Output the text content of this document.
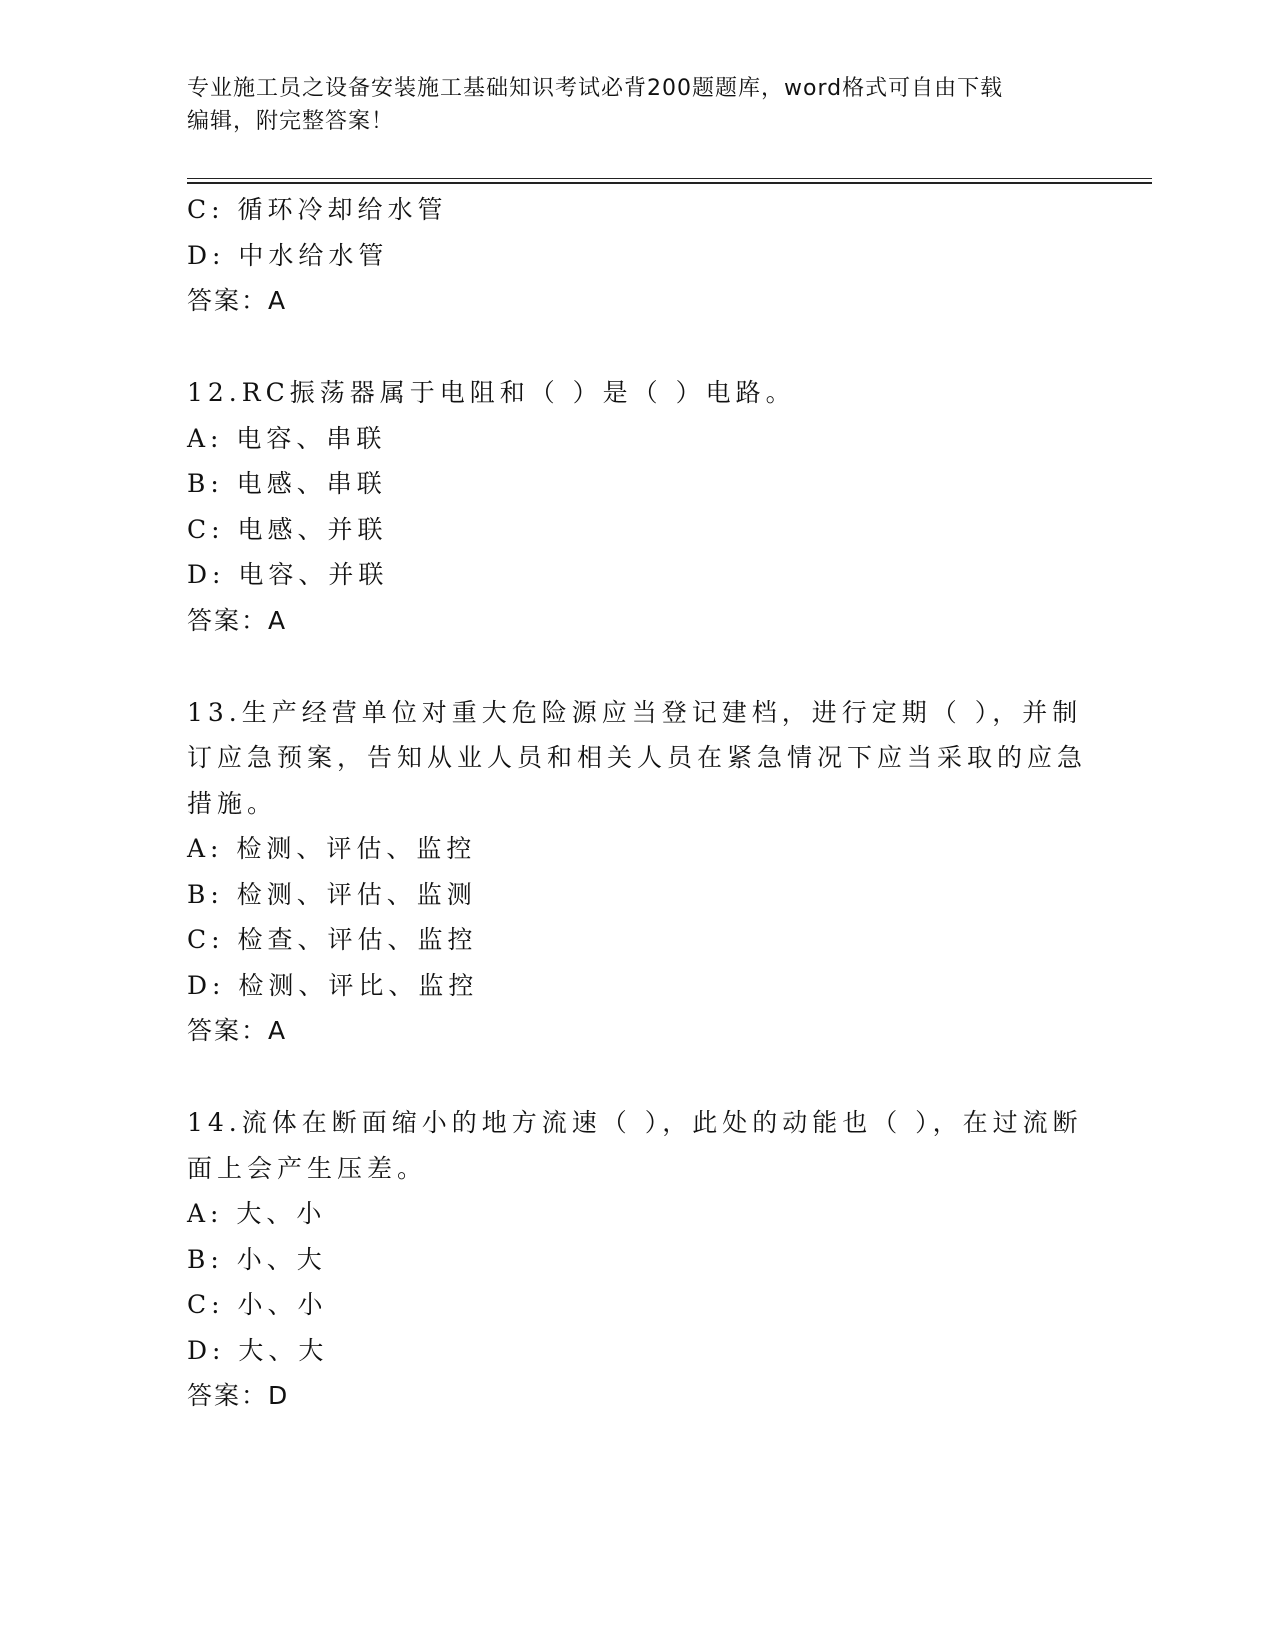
专业施工员之设备安装施工基础知识考试必背200题题库，word格式可自由下载
编辑，附完整答案！
C: 循环冷却给水管
D: 中水给水管
答案：A
12.RC振荡器属于电阻和（ ）是（ ）电路。
A: 电容、串联
B: 电感、串联
C: 电感、并联
D: 电容、并联
答案：A
13.生产经营单位对重大危险源应当登记建档，进行定期（ ），并制
订应急预案，告知从业人员和相关人员在紧急情况下应当采取的应急
措施。
A: 检测、评估、监控
B: 检测、评估、监测
C: 检查、评估、监控
D: 检测、评比、监控
答案：A
14.流体在断面缩小的地方流速（ ），此处的动能也（ ），在过流断
面上会产生压差。
A: 大、小
B: 小、大
C: 小、小
D: 大、大
答案：D
